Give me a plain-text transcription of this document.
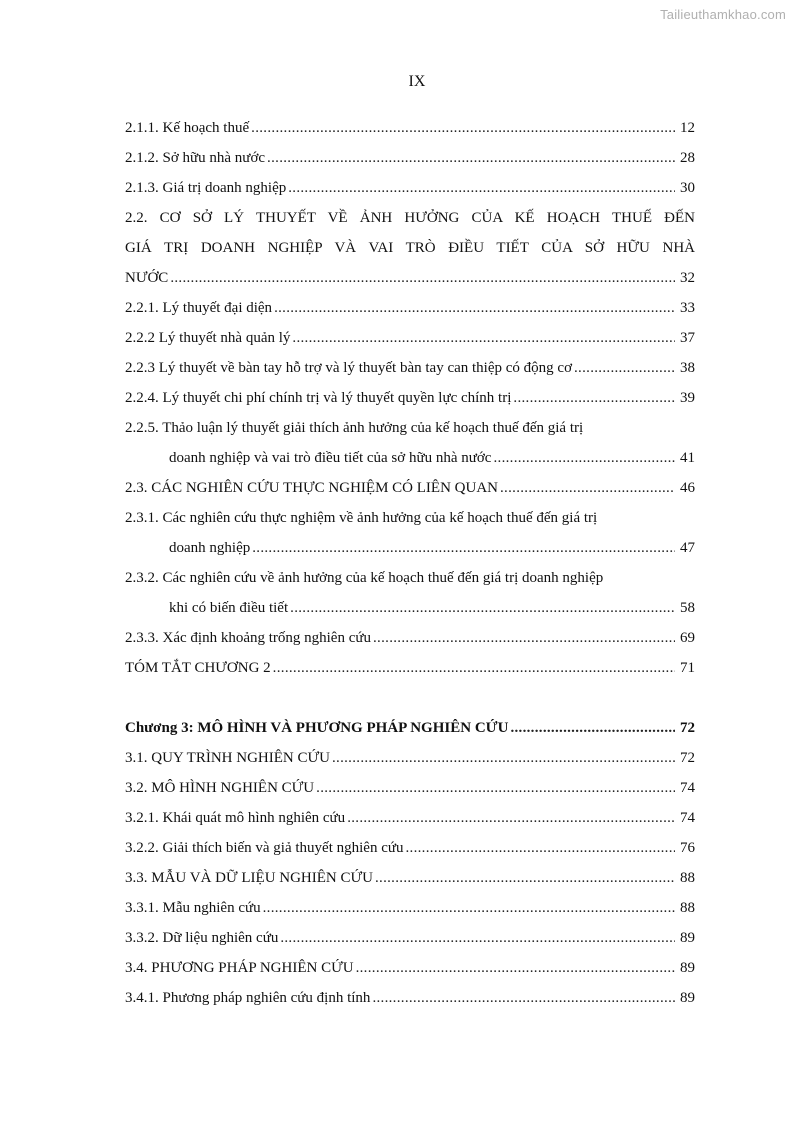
Tailieuthamkhao.com
IX
2.1.1. Kế hoạch thuế .....	12
2.1.2. Sở hữu nhà nước .....	28
2.1.3. Giá trị doanh nghiệp .....	30
2.2. CƠ SỞ LÝ THUYẾT VỀ ẢNH HƯỞNG CỦA KẾ HOẠCH THUẾ ĐẾN
GIÁ TRỊ DOANH NGHIỆP VÀ VAI TRÒ ĐIỀU TIẾT CỦA SỞ HỮU NHÀ
NƯỚC .....	32
2.2.1. Lý thuyết đại diện .....	33
2.2.2 Lý thuyết nhà quản lý .....	37
2.2.3 Lý thuyết về bàn tay hỗ trợ và lý thuyết bàn tay can thiệp có động cơ .....	38
2.2.4. Lý thuyết chi phí chính trị và lý thuyết quyền lực chính trị .....	39
2.2.5. Thảo luận lý thuyết giải thích ảnh hưởng của kế hoạch thuế đến giá trị
doanh nghiệp và vai trò điều tiết của sở hữu nhà nước .....	41
2.3. CÁC NGHIÊN CỨU THỰC NGHIỆM CÓ LIÊN QUAN .....	46
2.3.1. Các nghiên cứu thực nghiệm về ảnh hưởng của kế hoạch thuế đến giá trị
doanh nghiệp .....	47
2.3.2. Các nghiên cứu về ảnh hưởng của kế hoạch thuế đến giá trị doanh nghiệp
khi có biến điều tiết .....	58
2.3.3. Xác định khoảng trống nghiên cứu .....	69
TÓM TẮT CHƯƠNG 2 .....	71
Chương 3: MÔ HÌNH VÀ PHƯƠNG PHÁP NGHIÊN CỨU .....	72
3.1. QUY TRÌNH NGHIÊN CỨU .....	72
3.2. MÔ HÌNH NGHIÊN CỨU .....	74
3.2.1. Khái quát mô hình nghiên cứu .....	74
3.2.2. Giải thích biến và giả thuyết nghiên cứu .....	76
3.3. MẪU VÀ DỮ LIỆU NGHIÊN CỨU .....	88
3.3.1. Mẫu nghiên cứu .....	88
3.3.2. Dữ liệu nghiên cứu .....	89
3.4. PHƯƠNG PHÁP NGHIÊN CỨU .....	89
3.4.1. Phương pháp nghiên cứu định tính .....	89
